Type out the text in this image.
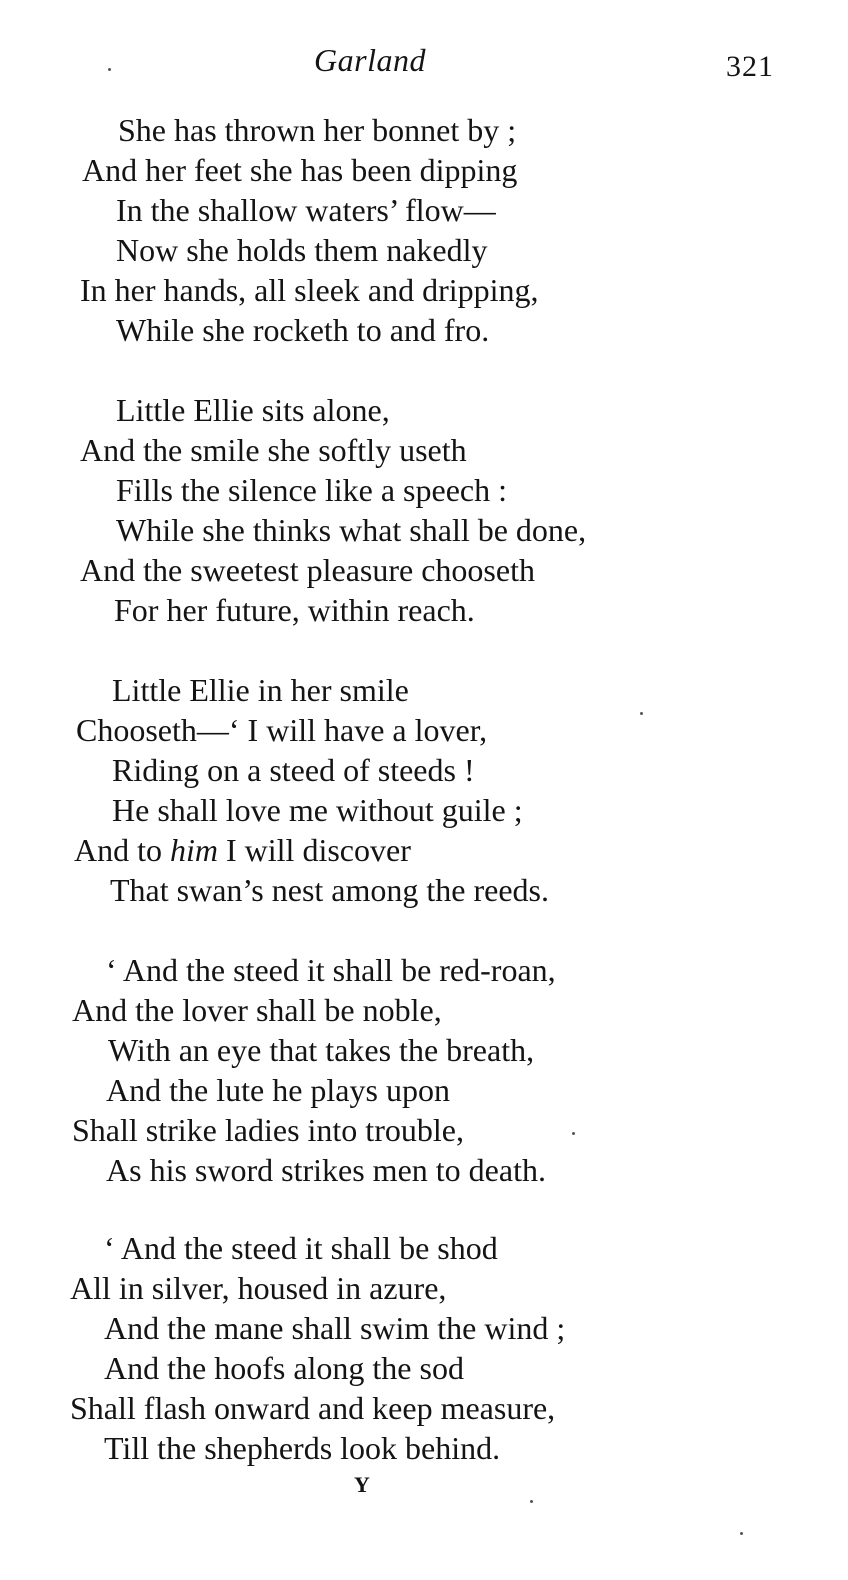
Garland	321
She has thrown her bonnet by ;
And her feet she has been dipping
In the shallow waters’ flow—
Now she holds them nakedly
In her hands, all sleek and dripping,
While she rocketh to and fro.
Little Ellie sits alone,
And the smile she softly useth
Fills the silence like a speech :
While she thinks what shall be done,
And the sweetest pleasure chooseth
For her future, within reach.
Little Ellie in her smile
Chooseth—‘ I will have a lover,
Riding on a steed of steeds !
He shall love me without guile ;
And to him I will discover
That swan’s nest among the reeds.
‘ And the steed it shall be red-roan,
And the lover shall be noble,
With an eye that takes the breath,
And the lute he plays upon
Shall strike ladies into trouble,
As his sword strikes men to death.
‘ And the steed it shall be shod
All in silver, housed in azure,
And the mane shall swim the wind ;
And the hoofs along the sod
Shall flash onward and keep measure,
Till the shepherds look behind.
Y
